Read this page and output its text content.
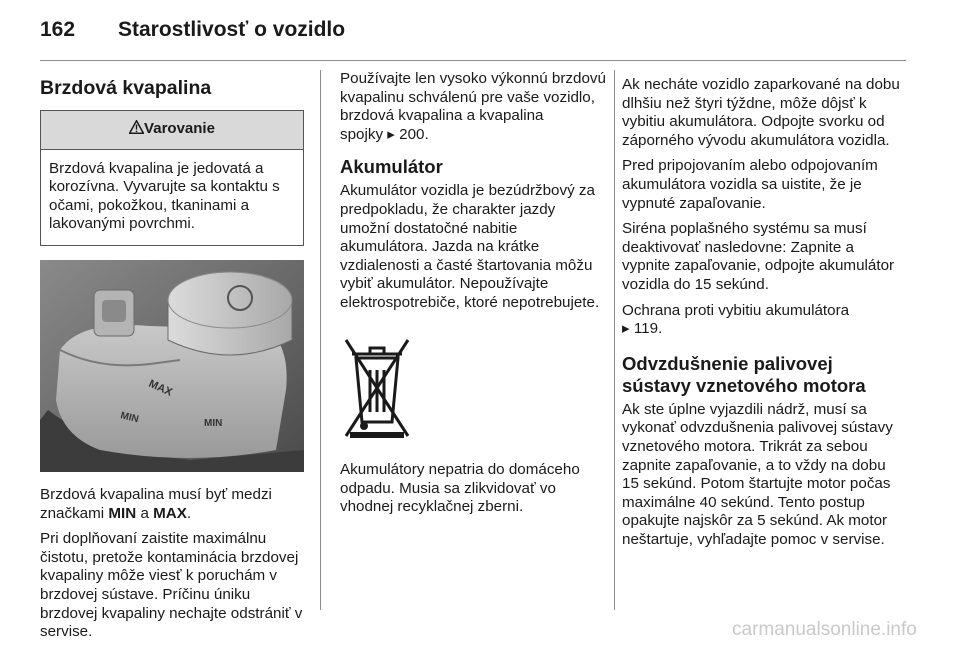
162 Starostlivosť o vozidlo
Brzdová kvapalina
Varovanie
Brzdová kvapalina je jedovatá a korozívna. Vyvarujte sa kontaktu s očami, pokožkou, tkaninami a lakovanými povrchmi.
MAX
MIN	MIN

Brzdová kvapalina musí byť medzi značkami MIN a MAX.

Pri doplňovaní zaistite maximálnu čistotu, pretože kontaminácia brzdovej kvapaliny môže viesť k poruchám v brzdovej sústave. Príčinu úniku brzdovej kvapaliny nechajte odstrániť v servise.

Používajte len vysoko výkonnú brzdovú kvapalinu schválenú pre vaše vozidlo, brzdová kvapalina a kvapalina spojky ▸ 200.

Akumulátor

Akumulátor vozidla je bezúdržbový za predpokladu, že charakter jazdy umožní dostatočné nabitie akumulátora. Jazda na krátke vzdialenosti a časté štartovania môžu vybiť akumulátor. Nepoužívajte elektrospotrebiče, ktoré nepotrebujete.

Akumulátory nepatria do domáceho odpadu. Musia sa zlikvidovať vo vhodnej recyklačnej zberni.

Ak necháte vozidlo zaparkované na dobu dlhšiu než štyri týždne, môže dôjsť k vybitiu akumulátora. Odpojte svorku od záporného vývodu akumulátora vozidla.

Pred pripojovaním alebo odpojovaním akumulátora vozidla sa uistite, že je vypnuté zapaľovanie.

Siréna poplašného systému sa musí deaktivovať nasledovne: Zapnite a vypnite zapaľovanie, odpojte akumulátor vozidla do 15 sekúnd.

Ochrana proti vybitiu akumulátora
▸ 119.

Odvzdušnenie palivovej sústavy vznetového motora

Ak ste úplne vyjazdili nádrž, musí sa vykonať odvzdušnenia palivovej sústavy vznetového motora. Trikrát za sebou zapnite zapaľovanie, a to vždy na dobu 15 sekúnd. Potom štartujte motor počas maximálne 40 sekúnd. Tento postup opakujte najskôr za 5 sekúnd. Ak motor neštartuje, vyhľadajte pomoc v servise.

carmanualsonline.info
